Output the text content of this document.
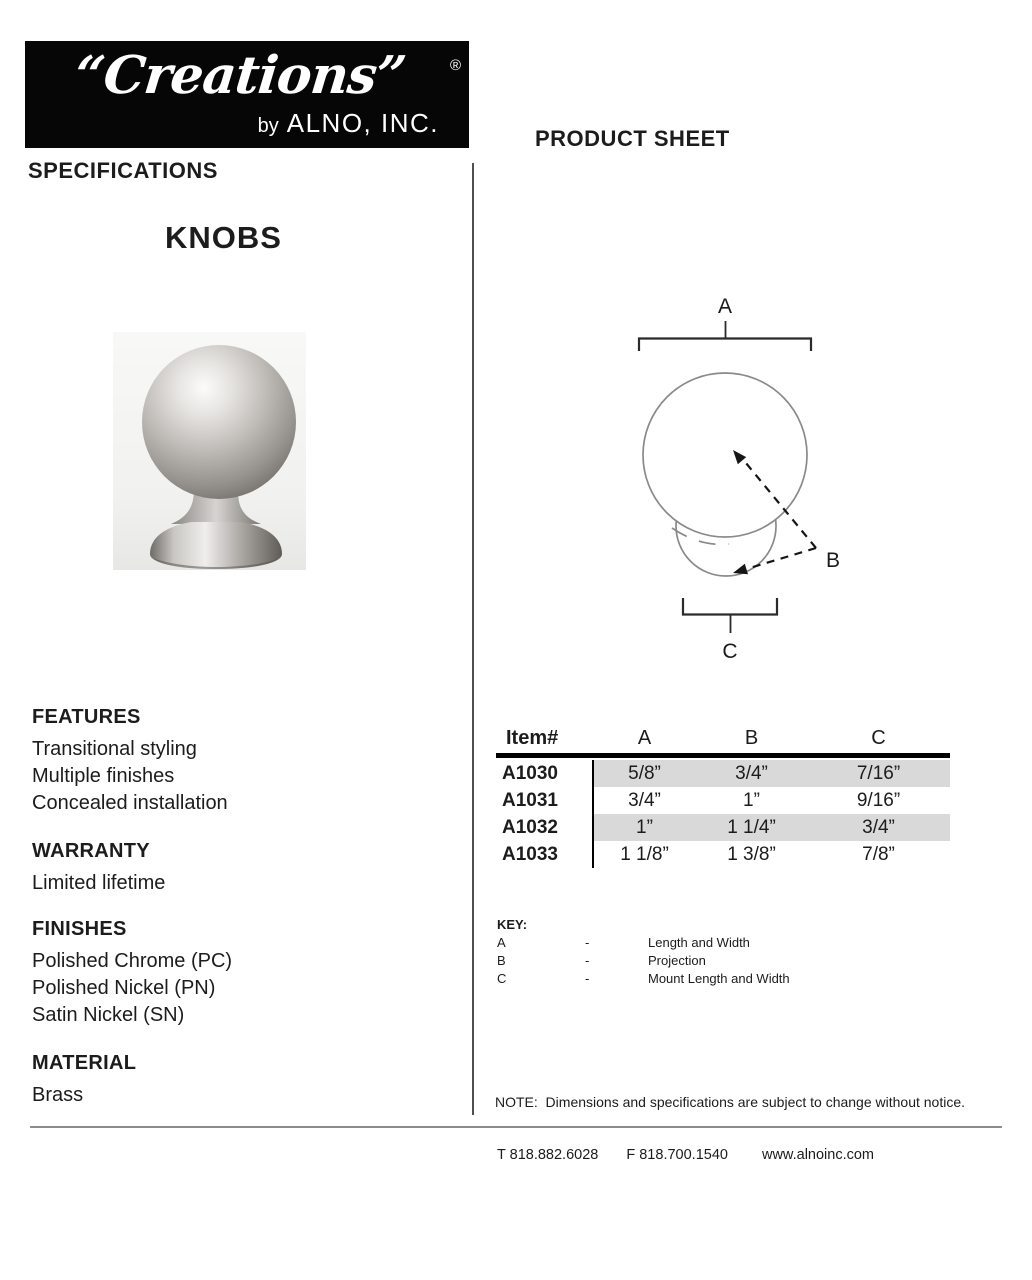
“Creations”	®
by ALNO, INC.
PRODUCT SHEET
SPECIFICATIONS
KNOBS
FEATURES
Transitional styling
Multiple finishes
Concealed installation
WARRANTY
Limited lifetime
FINISHES
Polished Chrome (PC)
Polished Nickel (PN)
Satin Nickel (SN)
MATERIAL
Brass
A
B
C
Item#	A	B	C
A1030	5/8”	3/4”	7/16”
A1031	3/4”	1”	9/16”
A1032	1”	1 1/4”	3/4”
A1033	1 1/8”	1 3/8”	7/8”
KEY:
A	-	Length and Width
B	-	Projection
C	-	Mount Length and Width
NOTE:  Dimensions and specifications are subject to change without notice.
T 818.882.6028 F 818.700.1540 www.alnoinc.com
